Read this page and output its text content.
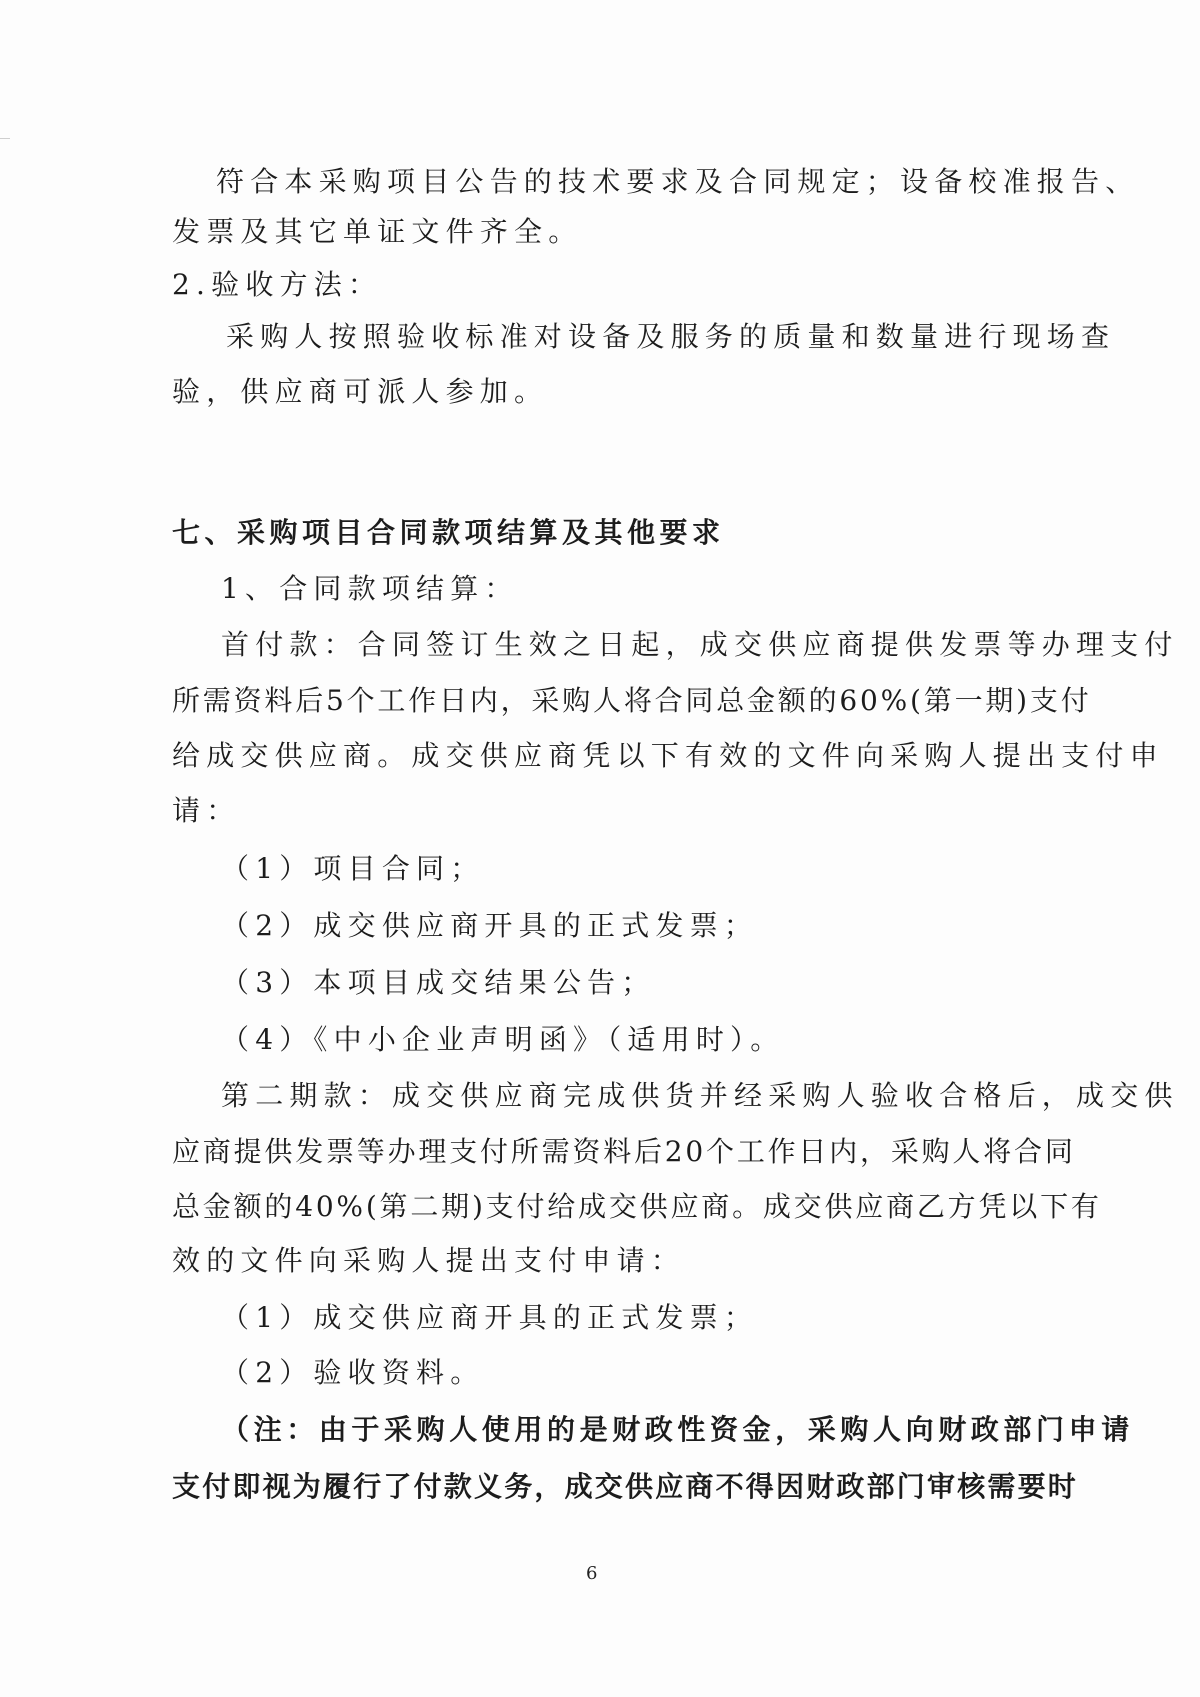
符合本采购项目公告的技术要求及合同规定；设备校准报告、
发票及其它单证文件齐全。
2.验收方法：
采购人按照验收标准对设备及服务的质量和数量进行现场查
验，供应商可派人参加。
七、采购项目合同款项结算及其他要求
1、合同款项结算：
首付款：合同签订生效之日起，成交供应商提供发票等办理支付
所需资料后5个工作日内，采购人将合同总金额的60%(第一期)支付
给成交供应商。成交供应商凭以下有效的文件向采购人提出支付申
请：
（1）项目合同；
（2）成交供应商开具的正式发票；
（3）本项目成交结果公告；
（4）《中小企业声明函》（适用时）。
第二期款：成交供应商完成供货并经采购人验收合格后，成交供
应商提供发票等办理支付所需资料后20个工作日内，采购人将合同
总金额的40%(第二期)支付给成交供应商。成交供应商乙方凭以下有
效的文件向采购人提出支付申请：
（1）成交供应商开具的正式发票；
（2）验收资料。
（注：由于采购人使用的是财政性资金，采购人向财政部门申请
支付即视为履行了付款义务，成交供应商不得因财政部门审核需要时
6
